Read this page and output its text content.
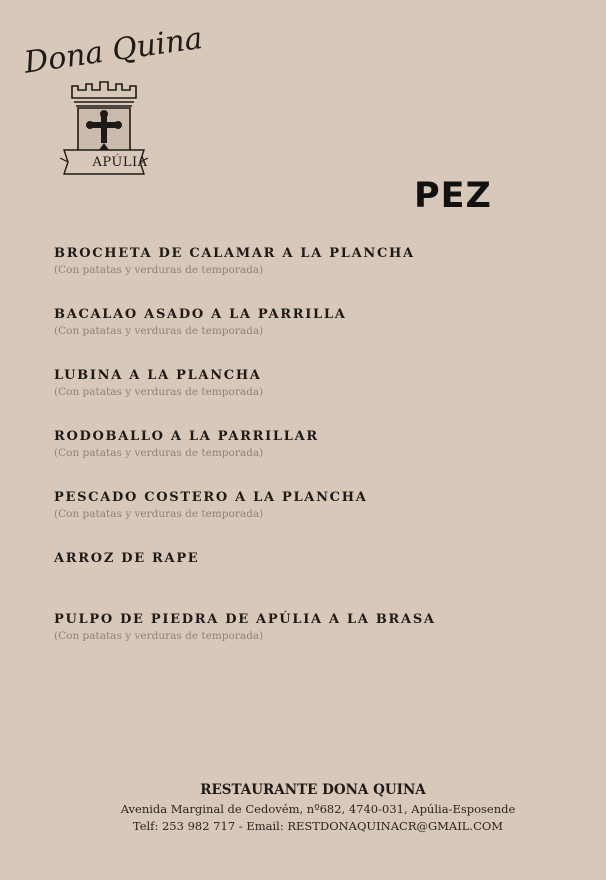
Dona Quina
APÚLIA
PEZ
BROCHETA DE CALAMAR A LA PLANCHA
(Con patatas y verduras de temporada)
BACALAO ASADO A LA PARRILLA
(Con patatas y verduras de temporada)
LUBINA A LA PLANCHA
(Con patatas y verduras de temporada)
RODOBALLO A LA PARRILLAR
(Con patatas y verduras de temporada)
PESCADO COSTERO A LA PLANCHA
(Con patatas y verduras de temporada)
ARROZ DE RAPE
PULPO DE PIEDRA DE APÚLIA A LA BRASA
(Con patatas y verduras de temporada)
RESTAURANTE DONA QUINA
Avenida Marginal de Cedovém, nº682, 4740-031, Apúlia-Esposende
Telf: 253 982 717 - Email: RESTDONAQUINACR@GMAIL.COM
